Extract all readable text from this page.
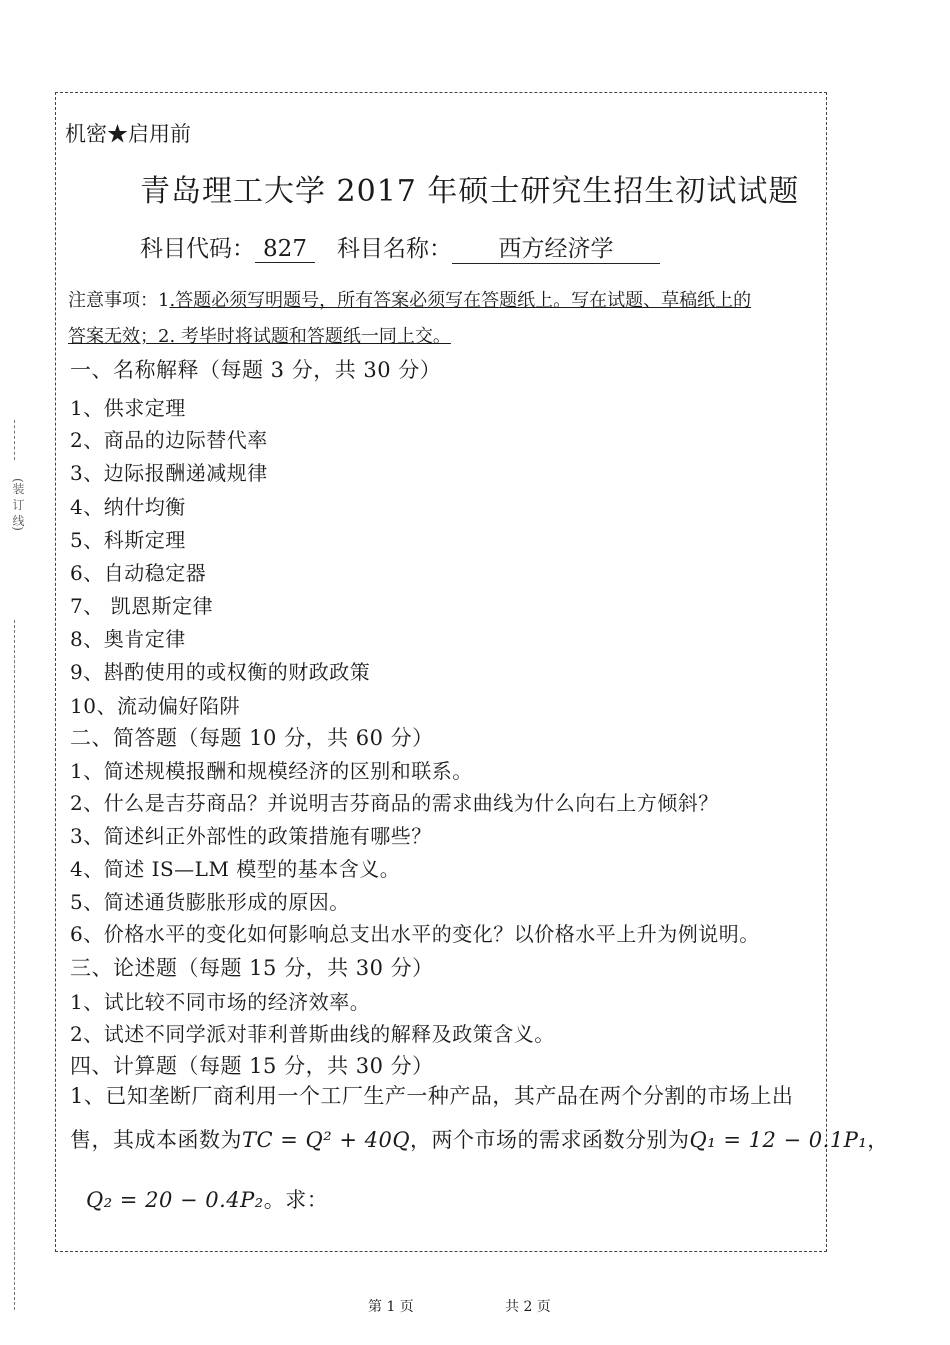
(装 订 线)
机密★启用前
青岛理工大学 2017 年硕士研究生招生初试试题
科目代码： 827 科目名称： 西方经济学
注意事项：1.答题必须写明题号，所有答案必须写在答题纸上。写在试题、草稿纸上的
答案无效；2. 考毕时将试题和答题纸一同上交。
一、名称解释（每题 3 分，共 30 分）
1、供求定理
2、商品的边际替代率
3、边际报酬递减规律
4、纳什均衡
5、科斯定理
6、自动稳定器
7、 凯恩斯定律
8、奥肯定律
9、斟酌使用的或权衡的财政政策
10、流动偏好陷阱
二、简答题（每题 10 分，共 60 分）
1、简述规模报酬和规模经济的区别和联系。
2、什么是吉芬商品？并说明吉芬商品的需求曲线为什么向右上方倾斜？
3、简述纠正外部性的政策措施有哪些？
4、简述 IS—LM 模型的基本含义。
5、简述通货膨胀形成的原因。
6、价格水平的变化如何影响总支出水平的变化？以价格水平上升为例说明。
三、论述题（每题 15 分，共 30 分）
1、试比较不同市场的经济效率。
2、试述不同学派对菲利普斯曲线的解释及政策含义。
四、计算题（每题 15 分，共 30 分）
1、已知垄断厂商利用一个工厂生产一种产品，其产品在两个分割的市场上出
售，其成本函数为TC = Q² + 40Q，两个市场的需求函数分别为Q₁ = 12 − 0.1P₁，
Q₂ = 20 − 0.4P₂。求：
第 1 页	共 2 页
